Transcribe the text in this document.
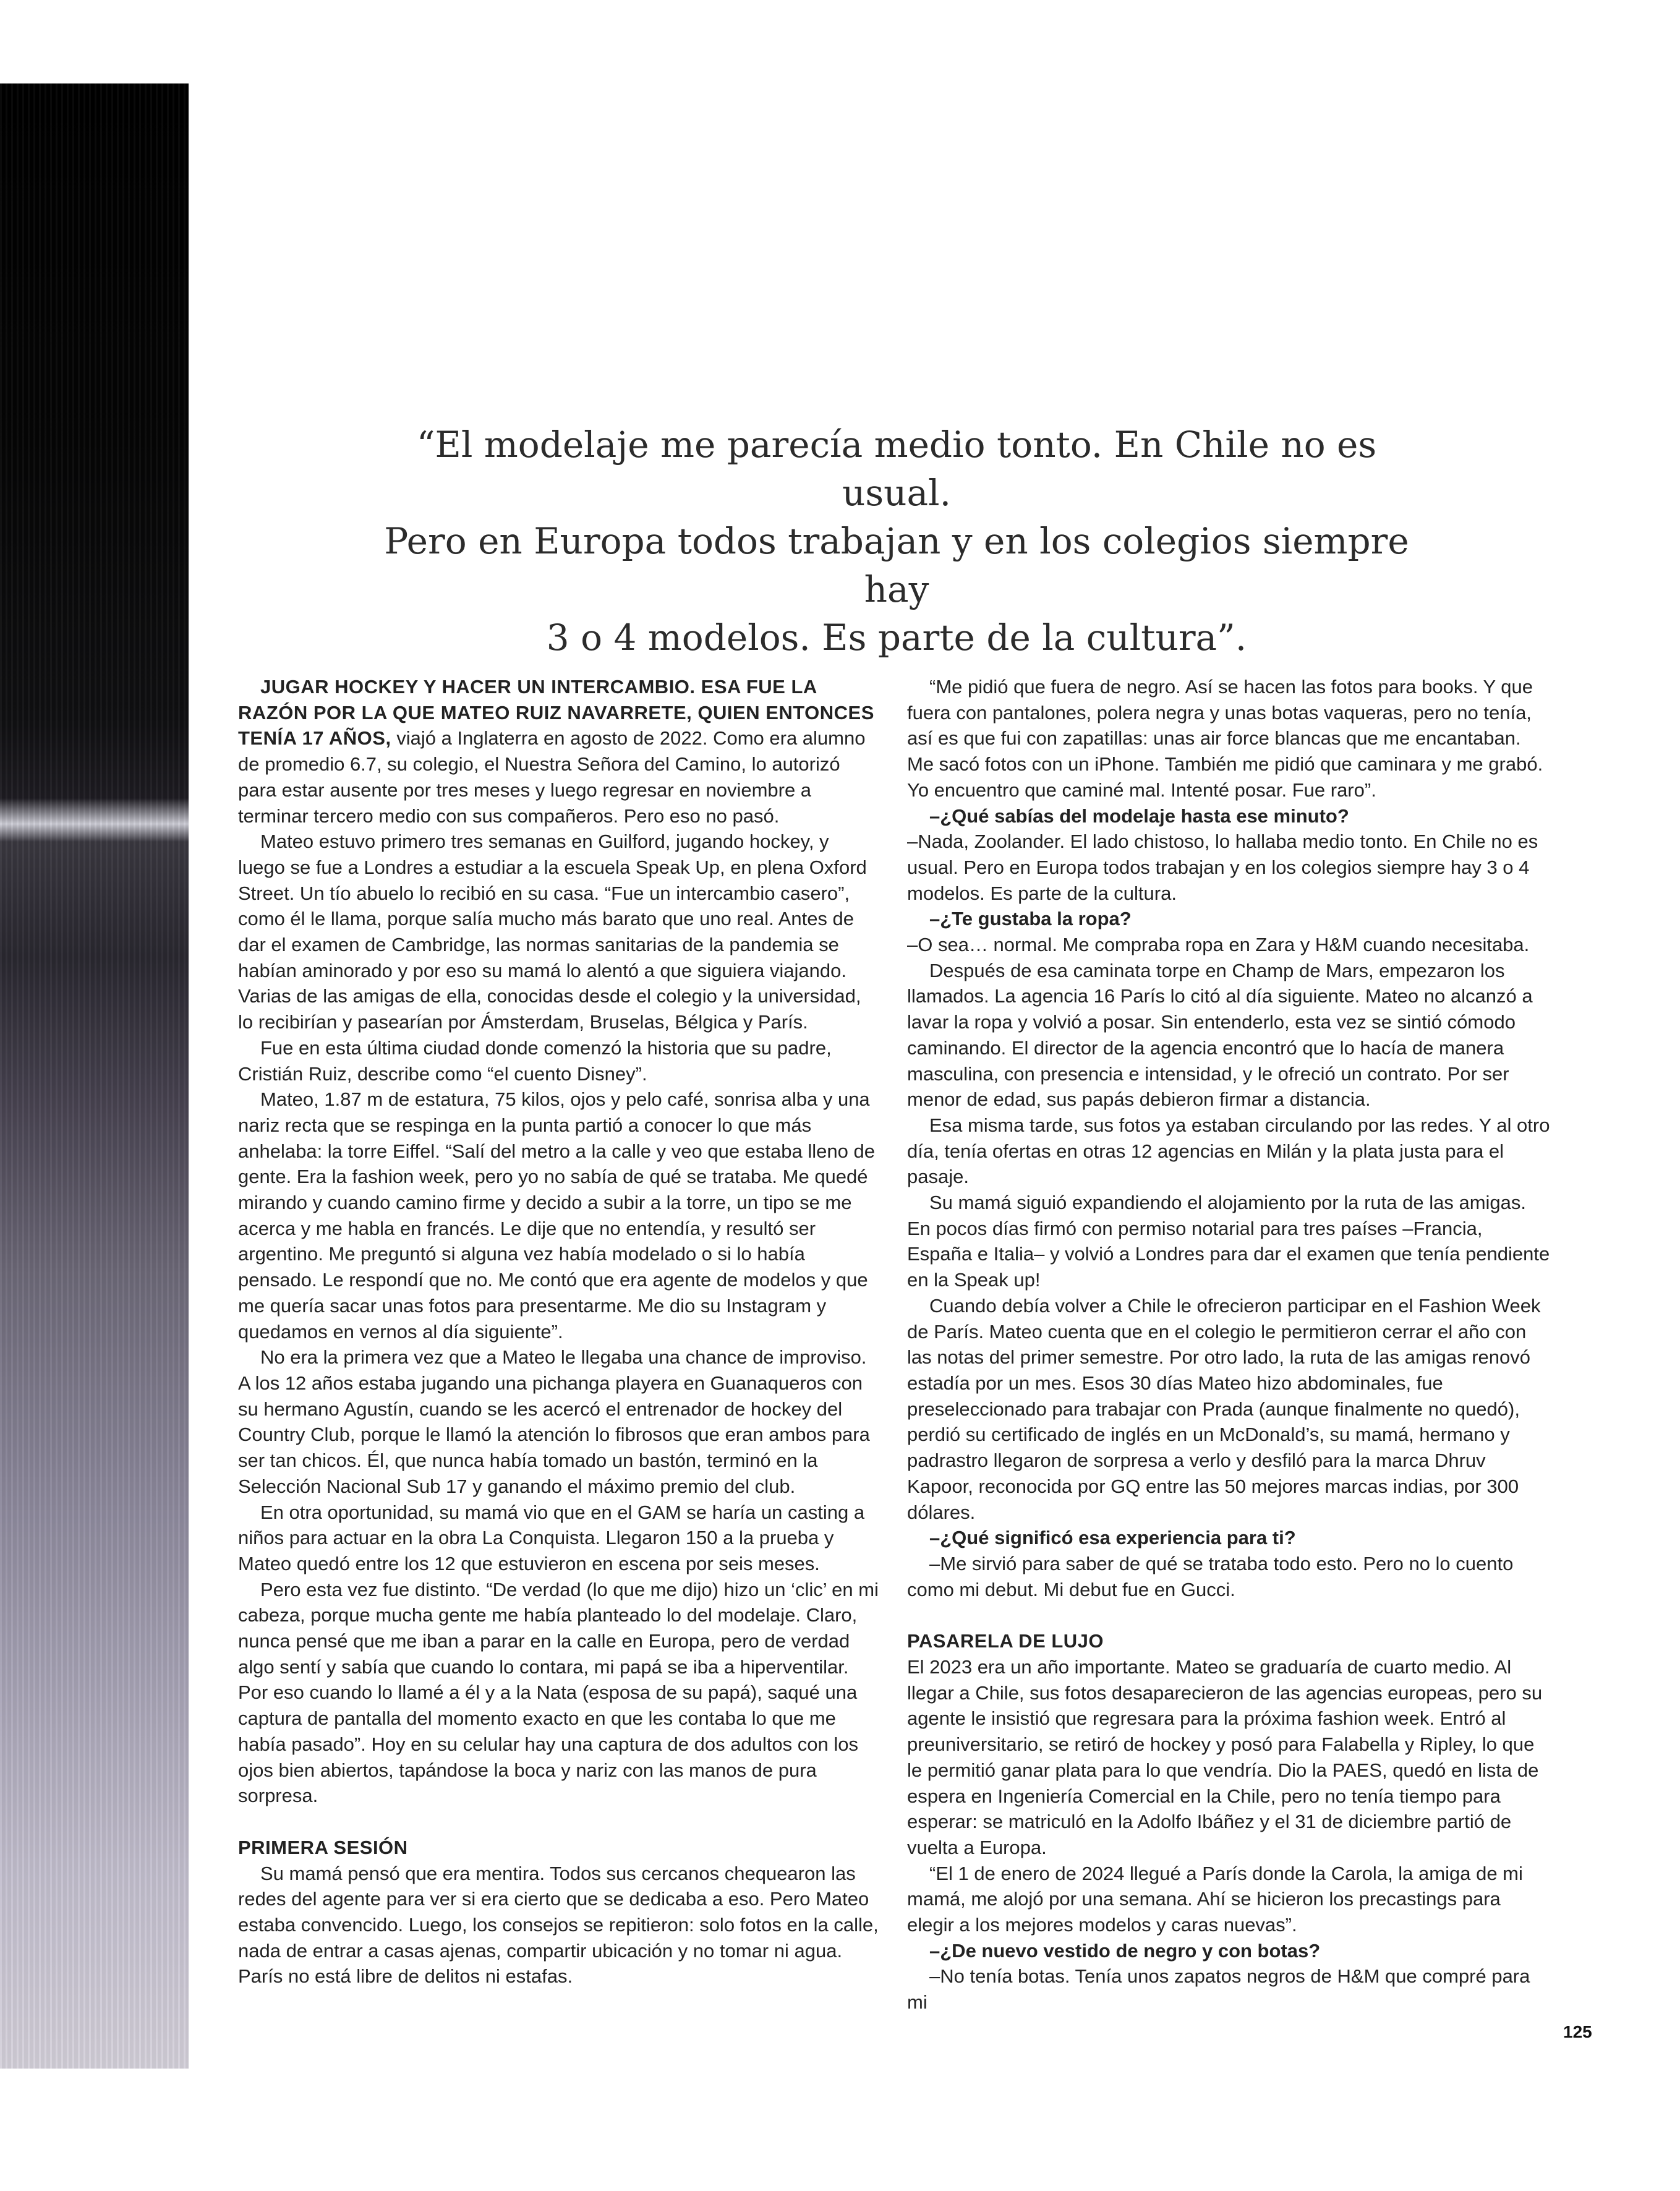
“El modelaje me parecía medio tonto. En Chile no es usual.

Pero en Europa todos trabajan y en los colegios siempre hay

3 o 4 modelos. Es parte de la cultura”.

JUGAR HOCKEY Y HACER UN INTERCAMBIO. ESA FUE LA RAZÓN POR LA QUE MATEO RUIZ NAVARRETE, QUIEN ENTONCES TENÍA 17 AÑOS, viajó a Inglaterra en agosto de 2022. Como era alumno de promedio 6.7, su colegio, el Nuestra Señora del Camino, lo autorizó para estar ausente por tres meses y luego regresar en noviembre a terminar tercero medio con sus compañeros. Pero eso no pasó.

Mateo estuvo primero tres semanas en Guilford, jugando hockey, y luego se fue a Londres a estudiar a la escuela Speak Up, en plena Oxford Street. Un tío abuelo lo recibió en su casa. “Fue un intercambio casero”, como él le llama, porque salía mucho más barato que uno real. Antes de dar el examen de Cambridge, las normas sanitarias de la pandemia se habían aminorado y por eso su mamá lo alentó a que siguiera viajando. Varias de las amigas de ella, conocidas desde el colegio y la universidad, lo recibirían y pasearían por Ámsterdam, Bruselas, Bélgica y París.

Fue en esta última ciudad donde comenzó la historia que su padre, Cristián Ruiz, describe como “el cuento Disney”.

Mateo, 1.87 m de estatura, 75 kilos, ojos y pelo café, sonrisa alba y una nariz recta que se respinga en la punta partió a conocer lo que más anhelaba: la torre Eiffel. “Salí del metro a la calle y veo que estaba lleno de gente. Era la fashion week, pero yo no sabía de qué se trataba. Me quedé mirando y cuando camino firme y decido a subir a la torre, un tipo se me acerca y me habla en francés. Le dije que no entendía, y resultó ser argentino. Me preguntó si alguna vez había modelado o si lo había pensado. Le respondí que no. Me contó que era agente de modelos y que me quería sacar unas fotos para presentarme. Me dio su Instagram y quedamos en vernos al día siguiente”.

No era la primera vez que a Mateo le llegaba una chance de improviso. A los 12 años estaba jugando una pichanga playera en Guanaqueros con su hermano Agustín, cuando se les acercó el entrenador de hockey del Country Club, porque le llamó la atención lo fibrosos que eran ambos para ser tan chicos. Él, que nunca había tomado un bastón, terminó en la Selección Nacional Sub 17 y ganando el máximo premio del club.

En otra oportunidad, su mamá vio que en el GAM se haría un casting a niños para actuar en la obra La Conquista. Llegaron 150 a la prueba y Mateo quedó entre los 12 que estuvieron en escena por seis meses.

Pero esta vez fue distinto. “De verdad (lo que me dijo) hizo un ‘clic’ en mi cabeza, porque mucha gente me había planteado lo del modelaje. Claro, nunca pensé que me iban a parar en la calle en Europa, pero de verdad algo sentí y sabía que cuando lo contara, mi papá se iba a hiperventilar. Por eso cuando lo llamé a él y a la Nata (esposa de su papá), saqué una captura de pantalla del momento exacto en que les contaba lo que me había pasado”. Hoy en su celular hay una captura de dos adultos con los ojos bien abiertos, tapándose la boca y nariz con las manos de pura sorpresa.

PRIMERA SESIÓN

Su mamá pensó que era mentira. Todos sus cercanos chequearon las redes del agente para ver si era cierto que se dedicaba a eso. Pero Mateo estaba convencido. Luego, los consejos se repitieron: solo fotos en la calle, nada de entrar a casas ajenas, compartir ubicación y no tomar ni agua. París no está libre de delitos ni estafas.

“Me pidió que fuera de negro. Así se hacen las fotos para books. Y que fuera con pantalones, polera negra y unas botas vaqueras, pero no tenía, así es que fui con zapatillas: unas air force blancas que me encantaban. Me sacó fotos con un iPhone. También me pidió que caminara y me grabó. Yo encuentro que caminé mal. Intenté posar. Fue raro”.

–¿Qué sabías del modelaje hasta ese minuto?

–Nada, Zoolander. El lado chistoso, lo hallaba medio tonto. En Chile no es usual. Pero en Europa todos trabajan y en los colegios siempre hay 3 o 4 modelos. Es parte de la cultura.

–¿Te gustaba la ropa?

–O sea… normal. Me compraba ropa en Zara y H&M cuando necesitaba.

Después de esa caminata torpe en Champ de Mars, empezaron los llamados. La agencia 16 París lo citó al día siguiente. Mateo no alcanzó a lavar la ropa y volvió a posar. Sin entenderlo, esta vez se sintió cómodo caminando. El director de la agencia encontró que lo hacía de manera masculina, con presencia e intensidad, y le ofreció un contrato. Por ser menor de edad, sus papás debieron firmar a distancia.

Esa misma tarde, sus fotos ya estaban circulando por las redes. Y al otro día, tenía ofertas en otras 12 agencias en Milán y la plata justa para el pasaje.

Su mamá siguió expandiendo el alojamiento por la ruta de las amigas. En pocos días firmó con permiso notarial para tres países –Francia, España e Italia– y volvió a Londres para dar el examen que tenía pendiente en la Speak up!

Cuando debía volver a Chile le ofrecieron participar en el Fashion Week de París. Mateo cuenta que en el colegio le permitieron cerrar el año con las notas del primer semestre. Por otro lado, la ruta de las amigas renovó estadía por un mes. Esos 30 días Mateo hizo abdominales, fue preseleccionado para trabajar con Prada (aunque finalmente no quedó), perdió su certificado de inglés en un McDonald’s, su mamá, hermano y padrastro llegaron de sorpresa a verlo y desfiló para la marca Dhruv Kapoor, reconocida por GQ entre las 50 mejores marcas indias, por 300 dólares.

–¿Qué significó esa experiencia para ti?

–Me sirvió para saber de qué se trataba todo esto. Pero no lo cuento como mi debut. Mi debut fue en Gucci.

PASARELA DE LUJO

El 2023 era un año importante. Mateo se graduaría de cuarto medio. Al llegar a Chile, sus fotos desaparecieron de las agencias europeas, pero su agente le insistió que regresara para la próxima fashion week. Entró al preuniversitario, se retiró de hockey y posó para Falabella y Ripley, lo que le permitió ganar plata para lo que vendría. Dio la PAES, quedó en lista de espera en Ingeniería Comercial en la Chile, pero no tenía tiempo para esperar: se matriculó en la Adolfo Ibáñez y el 31 de diciembre partió de vuelta a Europa.

“El 1 de enero de 2024 llegué a París donde la Carola, la amiga de mi mamá, me alojó por una semana. Ahí se hicieron los precastings para elegir a los mejores modelos y caras nuevas”.

–¿De nuevo vestido de negro y con botas?

–No tenía botas. Tenía unos zapatos negros de H&M que compré para mi

125
